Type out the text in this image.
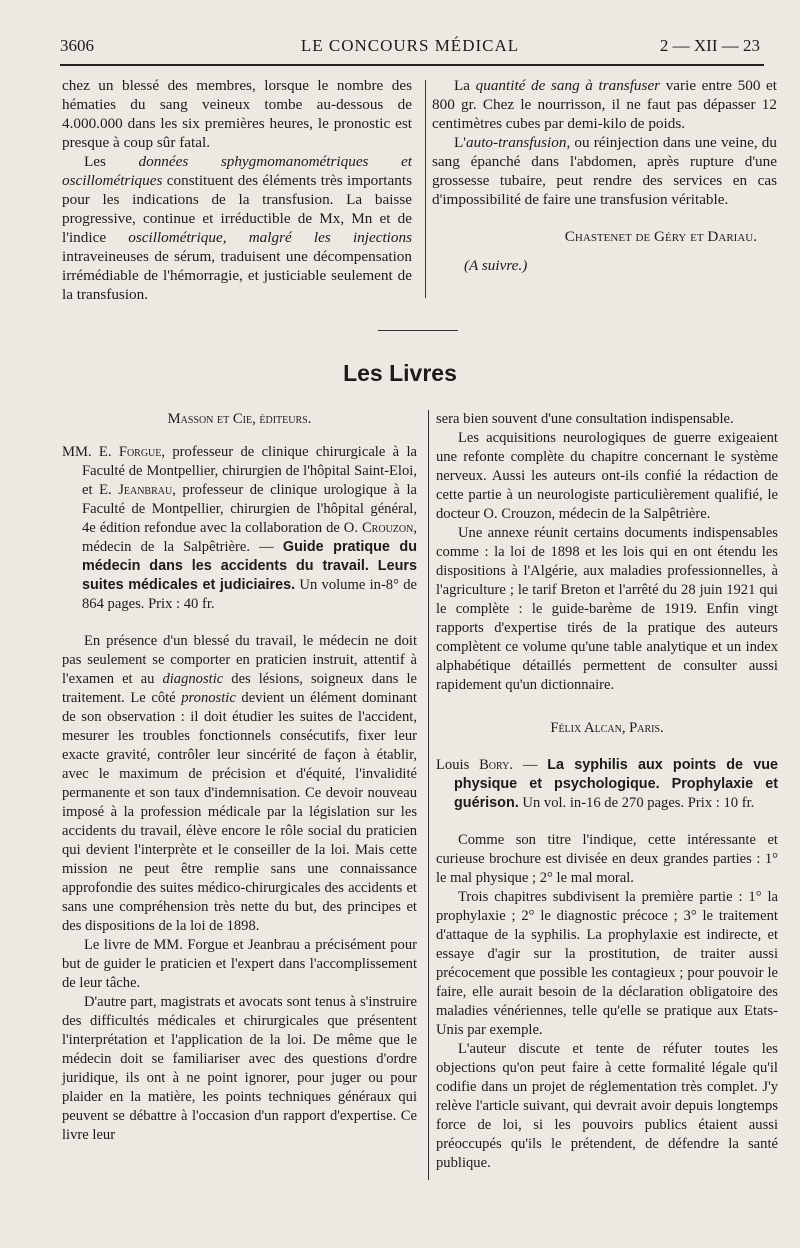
3606	LE CONCOURS MÉDICAL	2 — XII — 23

chez un blessé des membres, lorsque le nombre des hématies du sang veineux tombe au-dessous de 4.000.000 dans les six premières heures, le pronostic est presque à coup sûr fatal.

Les données sphygmomanométriques et oscillométriques constituent des éléments très importants pour les indications de la transfusion. La baisse progressive, continue et irréductible de Mx, Mn et de l'indice oscillométrique, malgré les injections intraveineuses de sérum, traduisent une décompensation irrémédiable de l'hémorragie, et justiciable seulement de la transfusion.

La quantité de sang à transfuser varie entre 500 et 800 gr. Chez le nourrisson, il ne faut pas dépasser 12 centimètres cubes par demi-kilo de poids.

L'auto-transfusion, ou réinjection dans une veine, du sang épanché dans l'abdomen, après rupture d'une grossesse tubaire, peut rendre des services en cas d'impossibilité de faire une transfusion véritable.

Chastenet de Géry et Dariau.

(A suivre.)

Les Livres

Masson et Cie, éditeurs.

MM. E. Forgue, professeur de clinique chirurgicale à la Faculté de Montpellier, chirurgien de l'hôpital Saint-Eloi, et E. Jeanbrau, professeur de clinique urologique à la Faculté de Montpellier, chirurgien de l'hôpital général, 4e édition refondue avec la collaboration de O. Crouzon, médecin de la Salpêtrière. — Guide pratique du médecin dans les accidents du travail. Leurs suites médicales et judiciaires. Un volume in-8° de 864 pages. Prix : 40 fr.

En présence d'un blessé du travail, le médecin ne doit pas seulement se comporter en praticien instruit, attentif à l'examen et au diagnostic des lésions, soigneux dans le traitement. Le côté pronostic devient un élément dominant de son observation : il doit étudier les suites de l'accident, mesurer les troubles fonctionnels consécutifs, fixer leur exacte gravité, contrôler leur sincérité de façon à établir, avec le maximum de précision et d'équité, l'invalidité permanente et son taux d'indemnisation. Ce devoir nouveau imposé à la profession médicale par la législation sur les accidents du travail, élève encore le rôle social du praticien qui devient l'interprète et le conseiller de la loi. Mais cette mission ne peut être remplie sans une connaissance approfondie des suites médico-chirurgicales des accidents et sans une compréhension très nette du but, des principes et des dispositions de la loi de 1898.

Le livre de MM. Forgue et Jeanbrau a précisément pour but de guider le praticien et l'expert dans l'accomplissement de leur tâche.

D'autre part, magistrats et avocats sont tenus à s'instruire des difficultés médicales et chirurgicales que présentent l'interprétation et l'application de la loi. De même que le médecin doit se familiariser avec des questions d'ordre juridique, ils ont à ne point ignorer, pour juger ou pour plaider en la matière, les points techniques généraux qui peuvent se débattre à l'occasion d'un rapport d'expertise. Ce livre leur

sera bien souvent d'une consultation indispensable.

Les acquisitions neurologiques de guerre exigeaient une refonte complète du chapitre concernant le système nerveux. Aussi les auteurs ont-ils confié la rédaction de cette partie à un neurologiste particulièrement qualifié, le docteur O. Crouzon, médecin de la Salpêtrière.

Une annexe réunit certains documents indispensables comme : la loi de 1898 et les lois qui en ont étendu les dispositions à l'Algérie, aux maladies professionnelles, à l'agriculture ; le tarif Breton et l'arrêté du 28 juin 1921 qui le complète : le guide-barème de 1919. Enfin vingt rapports d'expertise tirés de la pratique des auteurs complètent ce volume qu'une table analytique et un index alphabétique détaillés permettent de consulter aussi rapidement qu'un dictionnaire.

Félix Alcan, Paris.

Louis Bory. — La syphilis aux points de vue physique et psychologique. Prophylaxie et guérison. Un vol. in-16 de 270 pages. Prix : 10 fr.

Comme son titre l'indique, cette intéressante et curieuse brochure est divisée en deux grandes parties : 1° le mal physique ; 2° le mal moral.

Trois chapitres subdivisent la première partie : 1° la prophylaxie ; 2° le diagnostic précoce ; 3° le traitement d'attaque de la syphilis. La prophylaxie est indirecte, et essaye d'agir sur la prostitution, de traiter aussi précocement que possible les contagieux ; pour pouvoir le faire, elle aurait besoin de la déclaration obligatoire des maladies vénériennes, telle qu'elle se pratique aux Etats-Unis par exemple.

L'auteur discute et tente de réfuter toutes les objections qu'on peut faire à cette formalité légale qu'il codifie dans un projet de réglementation très complet. J'y relève l'article suivant, qui devrait avoir depuis longtemps force de loi, si les pouvoirs publics étaient aussi préoccupés qu'ils le prétendent, de défendre la santé publique.
